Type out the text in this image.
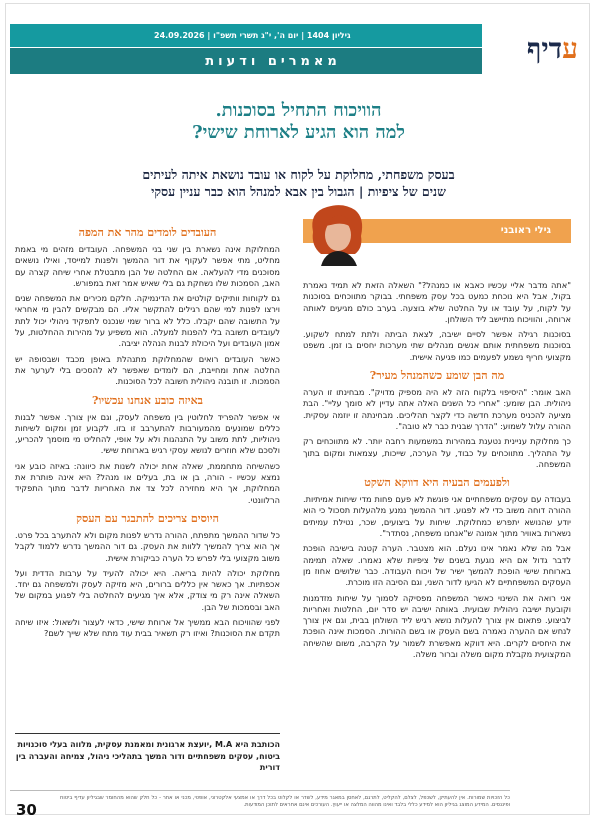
גיליון 1404 | יום ה', י"ג תשרי תשפ"ו | 24.09.2026
מאמרים ודעות	עדיף
הוויכוח התחיל בסוכנות.
למה הוא הגיע לארוחת שישי?
בעסק משפחתי, מחלוקת על לקוח או עובד נושאת איתה לעיתים
שנים של ציפיות | הגבול בין אבא למנהל הוא כבר עניין עסקי
גילי ראובני

"אתה מדבר אליי עכשיו כאבא או כמנהל?" השאלה הזאת לא תמיד נאמרת בקול, אבל היא נוכחת כמעט בכל עסק משפחתי. בבוקר מתווכחים בסוכנות על לקוח, על עובד או על החלטה שלא בוצעה. בערב כולם מגיעים לאותה ארוחה, והוויכוח מתיישב ליד השולחן.

בסוכנות רגילה אפשר לסיים ישיבה, לצאת הביתה ולתת למתח לשקוע. בסוכנות משפחתית אותם אנשים מנהלים שתי מערכות יחסים בו זמן. משפט מקצועי חריף נשמע לפעמים כמו פגיעה אישית.

מה הבן שומע כשהמנהל מעיר?

האב אומר: "היסיפוי בלקוח הזה לא היה מספיק מדויק". מבחינתו זו הערה ניהולית. הבן שומע: "אחרי כל השנים האלה אתה עדיין לא סומך עליי". הבת מציעה להכניס מערכת חדשה כדי לקצר תהליכים. מבחינתה זו יוזמה עסקית. ההורה עלול לשמוע: "הדרך שבנית כבר לא טובה".

כך מחלוקת עניינית נטענת במהירות במשמעות רחבה יותר. לא מתווכחים רק על התהליך. מתווכחים על כבוד, על הערכה, שייכות, עצמאות ומקום בתוך המשפחה.

ולפעמים הבעיה היא דווקא השקט

בעבודה עם עסקים משפחתיים אני פוגשת לא פעם פחות מדי שיחות אמיתיות. ההורה דוחה משוב כדי לא לפגוע. דור ההמשך נמנע מלהעלות תסכול כי הוא יודע שהנושא יתפרש כמחלוקת. שיחות על ביצועים, שכר, נטילת עמיתים נשארות באוויר מתוך אמונה ש"אנחנו משפחה, נסתדר".

אבל מה שלא נאמר אינו נעלם. הוא מצטבר. הערה קטנה בישיבה הופכת לדבר גדול אם היא נוגעת בשנים של ציפיות שלא נאמרו. שאלה תמימה בארוחת שישי הופכת להמשך ישיר של ויכוח העבודה. כבר שלושים אחוז מן העסקים המשפחתיים לא הגיעו לדור השני, וגם הסיבה הזו מוכרת.

אני רואה את השינוי כאשר המשפחה מפסיקה לסמוך על שיחות מזדמנות וקובעת ישיבה ניהולית שבועית. באותה ישיבה יש סדר יום, החלטות ואחריות לביצוע. פתאום אין צורך להעלות נושא רגיש ליד השולחן בבית, וגם אין צורך לנחש אם ההערה נאמרה בשם העסק או בשם ההורות. הסמכות אינה הופכת את היחסים לקרים. היא דווקא מאפשרת לשמור על הקרבה, משום שהשיחה המקצועית מקבלת מקום משלה וברור משלה.

העובדים לומדים מהר את המפה

המחלוקת אינה נשארת בין שני בני המשפחה. העובדים מזהים מי באמת מחליט, מתי אפשר לעקוף את דור ההמשך ולפנות למייסד, ואילו נושאים מסוכנים מדי להעלאה. אם החלטה של הבן מתבטלת אחרי שיחה קצרה עם האב, הסמכות שלו נשחקת גם בלי שאיש אמר זאת במפורש.

גם לקוחות וותיקים קולטים את הדינמיקה. חלקם מכירים את המשפחה שנים וירצו לפנות למי שהם רגילים להתקשר אליו. הם מבקשים להבין מי אחראי על התשובה שהם יקבלו. כלל לא ברור שמי שנכנס לתפקיד ניהולי יכול לתת לעובדים תשובה בלי להפנות למעלה. הוא משפיע על מהירות ההחלטות, על אמון העובדים ועל היכולת לבנות הנהלה יציבה.

כאשר העובדים רואים שהמחלוקת מתנהלת באופן מכבד ושבסופה יש החלטה אחת ומחייבת, הם לומדים שאפשר לא להסכים בלי לערער את הסמכות. זו תובנה ניהולית חשובה לכל הסוכנות.

באיזה כובע אנחנו עכשיו?

אי אפשר להפריד לחלוטין בין משפחה לעסק, וגם אין צורך. אפשר לבנות כללים שמונעים מהמעורבות להתערבב זו בזו. לקבוע זמן ומקום לשיחות ניהוליות, לתת משוב על התנהגות ולא על אופי, להחליט מי מוסמך להכריע, ולסכם שלא חוזרים לנושא עסקי רגיש בארוחת שישי.

כשהשיחה מתחממת, שאלה אחת יכולה לשנות את כיוונה: באיזה כובע אני נמצא עכשיו - הורה, בן או בת, בעלים או מנהל? היא אינה פותרת את המחלוקת, אך היא מחזירה לכל צד את האחריות לדבר מתוך התפקיד הרלוונטי.

היוסים צריכים להתבגר עם העסק

כל שדור ההמשך מתפתח, ההורה נדרש לפנות מקום ולא להתערב בכל פרט. אך הוא צריך להמשיך ללוות את העסק. גם דור ההמשך נדרש ללמוד לקבל משוב מקצועי בלי לפרש כל הערה כביקורת אישית.

מחלוקת יכולה להיות בריאה. היא יכולה להעיד על ערבות הדדית ועל אכפתיות. אך כאשר אין כללים ברורים, היא מזיקה לעסק ולמשפחה גם יחד. השאלה אינה רק מי צודק, אלא איך מגיעים להחלטה בלי לפגוע במקום של האב ובסמכות של הבן.

לפני שהוויכוח הבא ממשיך אל ארוחת שישי, כדאי לעצור ולשאול: איזו שיחה תקדם את הסוכנות? ואיזו רק תשאיר בבית עוד מתח שלא שייך לשם?

הכותבת היא M.A ,יועצת ארגונית ומאמנת עסקית, מלווה בעלי סוכנויות ביטוח, עסקים משפחתיים ודור המשך בתהליכי ניהול, צמיחה והעברה בין דורית
כל הזכויות שמורות. אין להעתיק, לשכפל, לצלם, להקליט, לתרגם, לאחסן במאגר מידע, לשדר או לקלוט בכל דרך או אמצעי אלקטרוני, אופטי, מכני או אחר - כל חלק שהוא מהחומר שבגיליון עדיף ביטוח ופיננסים. המידע המוצג בגיליון הוא למידע כללי בלבד ואינו מהווה המלצה או ייעוץ. העורכים אינם אחראים לתוכן המודעות.
30
